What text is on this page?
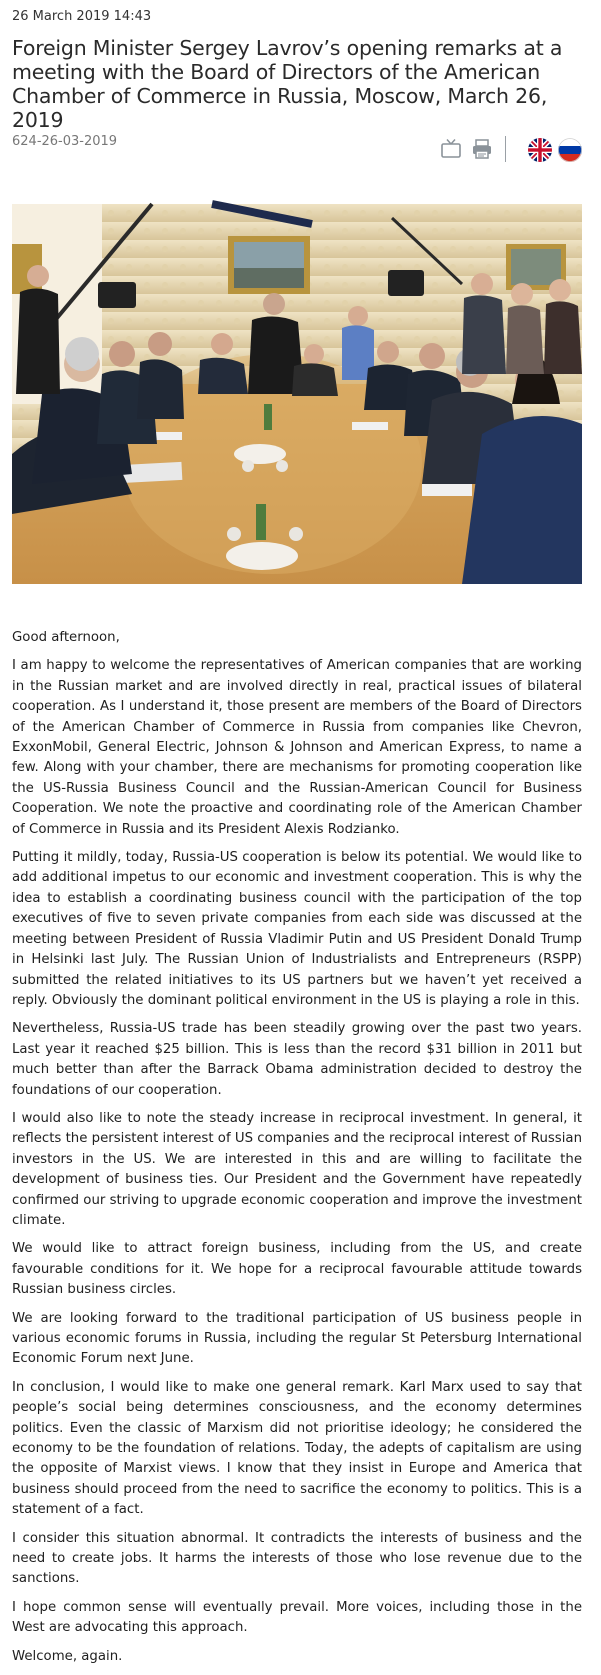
26 March 2019 14:43
Foreign Minister Sergey Lavrov’s opening remarks at a meeting with the Board of Directors of the American Chamber of Commerce in Russia, Moscow, March 26, 2019
624-26-03-2019

Good afternoon,

I am happy to welcome the representatives of American companies that are working in the Russian market and are involved directly in real, practical issues of bilateral cooperation. As I understand it, those present are members of the Board of Directors of the American Chamber of Commerce in Russia from companies like Chevron, ExxonMobil, General Electric, Johnson & Johnson and American Express, to name a few. Along with your chamber, there are mechanisms for promoting cooperation like the US-Russia Business Council and the Russian-American Council for Business Cooperation. We note the proactive and coordinating role of the American Chamber of Commerce in Russia and its President Alexis Rodzianko.

Putting it mildly, today, Russia-US cooperation is below its potential. We would like to add additional impetus to our economic and investment cooperation. This is why the idea to establish a coordinating business council with the participation of the top executives of five to seven private companies from each side was discussed at the meeting between President of Russia Vladimir Putin and US President Donald Trump in Helsinki last July. The Russian Union of Industrialists and Entrepreneurs (RSPP) submitted the related initiatives to its US partners but we haven’t yet received a reply. Obviously the dominant political environment in the US is playing a role in this.

Nevertheless, Russia-US trade has been steadily growing over the past two years. Last year it reached $25 billion. This is less than the record $31 billion in 2011 but much better than after the Barrack Obama administration decided to destroy the foundations of our cooperation.

I would also like to note the steady increase in reciprocal investment. In general, it reflects the persistent interest of US companies and the reciprocal interest of Russian investors in the US. We are interested in this and are willing to facilitate the development of business ties. Our President and the Government have repeatedly confirmed our striving to upgrade economic cooperation and improve the investment climate.

We would like to attract foreign business, including from the US, and create favourable conditions for it. We hope for a reciprocal favourable attitude towards Russian business circles.

We are looking forward to the traditional participation of US business people in various economic forums in Russia, including the regular St Petersburg International Economic Forum next June.

In conclusion, I would like to make one general remark. Karl Marx used to say that people’s social being determines consciousness, and the economy determines politics. Even the classic of Marxism did not prioritise ideology; he considered the economy to be the foundation of relations. Today, the adepts of capitalism are using the opposite of Marxist views. I know that they insist in Europe and America that business should proceed from the need to sacrifice the economy to politics. This is a statement of a fact.

I consider this situation abnormal. It contradicts the interests of business and the need to create jobs. It harms the interests of those who lose revenue due to the sanctions.

I hope common sense will eventually prevail. More voices, including those in the West are advocating this approach.

Welcome, again.
